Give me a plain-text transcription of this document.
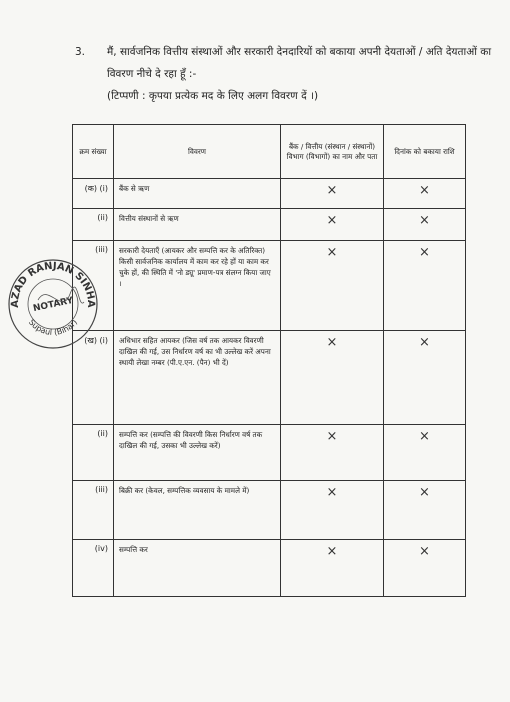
3. मैं, सार्वजनिक वित्तीय संस्थाओं और सरकारी देनदारियों को बकाया अपनी देयताओं / अति देयताओं का
विवरण नीचे दे रहा हूँ :-
(टिप्पणी : कृपया प्रत्येक मद के लिए अलग विवरण दें ।)
क्रम संख्या	विवरण	बैंक / वित्तीय (संस्थान / संस्थानों) विभाग (विभागों) का नाम और पता	दिनांक को बकाया राशि
(क) (i)	बैंक से ऋण	×	×
(ii)	वित्तीय संस्थानों से ऋण	×	×
(iii)	सरकारी देयताएँ (आयकर और सम्पत्ति कर के अतिरिक्त) किसी सार्वजनिक कार्यालय में काम कर रहे हों या काम कर चुके हों, की स्थिति में 'नो ड्यू' प्रमाण-पत्र संलग्न किया जाए ।	×	×
(ख) (i)	अधिभार सहित आयकर (जिस वर्ष तक आयकर विवरणी दाखिल की गई, उस निर्धारण वर्ष का भी उल्लेख करें अपना स्थायी लेखा नम्बर (पी.ए.एन. (पैन) भी दें)	×	×
(ii)	सम्पत्ति कर (सम्पत्ति की विवरणी किस निर्धारण वर्ष तक दाखिल की गई, उसका भी उल्लेख करें)	×	×
(iii)	बिक्री कर (केवल, सम्पत्तिक व्यवसाय के मामले में)	×	×
(iv)	सम्पत्ति कर	×	×
AZAD RANJAN SINHA
NOTARY
Supaul (Bihar)
